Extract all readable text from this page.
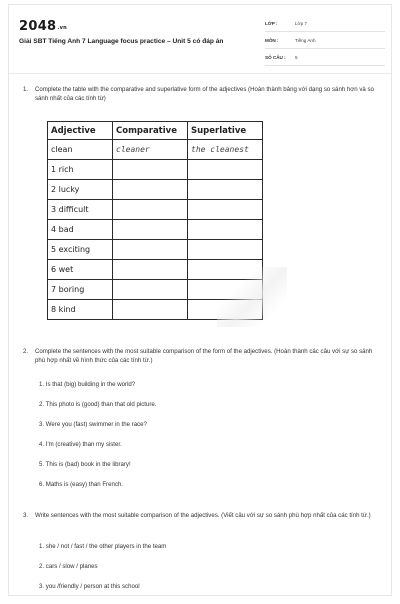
2048.vn
Giải SBT Tiếng Anh 7 Language focus practice – Unit 5 có đáp án
LỚP :	Lớp 7
MÔN :	Tiếng Anh
SỐ CÂU : 5
1. Complete the table with the comparative and superlative form of the adjectives (Hoàn thành bảng với dạng so sánh hơn và so sánh nhất của các tính từ)
Adjective	Comparative	Superlative
clean	cleaner	the cleanest
1 rich		
2 lucky		
3 difficult		
4 bad		
5 exciting		
6 wet		
7 boring		
8 kind		
2. Complete the sentences with the most suitable comparison of the form of the adjectives. (Hoàn thành các câu với sự so sánh phù hợp nhất về hình thức của các tính từ.)
1. Is that (big) building in the world?
2. This photo is (good) than that old picture.
3. Were you (fast) swimmer in the race?
4. I'm (creative) than my sister.
5. This is (bad) book in the library!
6. Maths is (easy) than French.
3. Write sentences with the most suitable comparison of the adjectives. (Viết câu với sự so sánh phù hợp nhất của các tính từ.)
1. she / not / fast / the other players in the team
2. cars / slow / planes
3. you /friendly / person at this school
